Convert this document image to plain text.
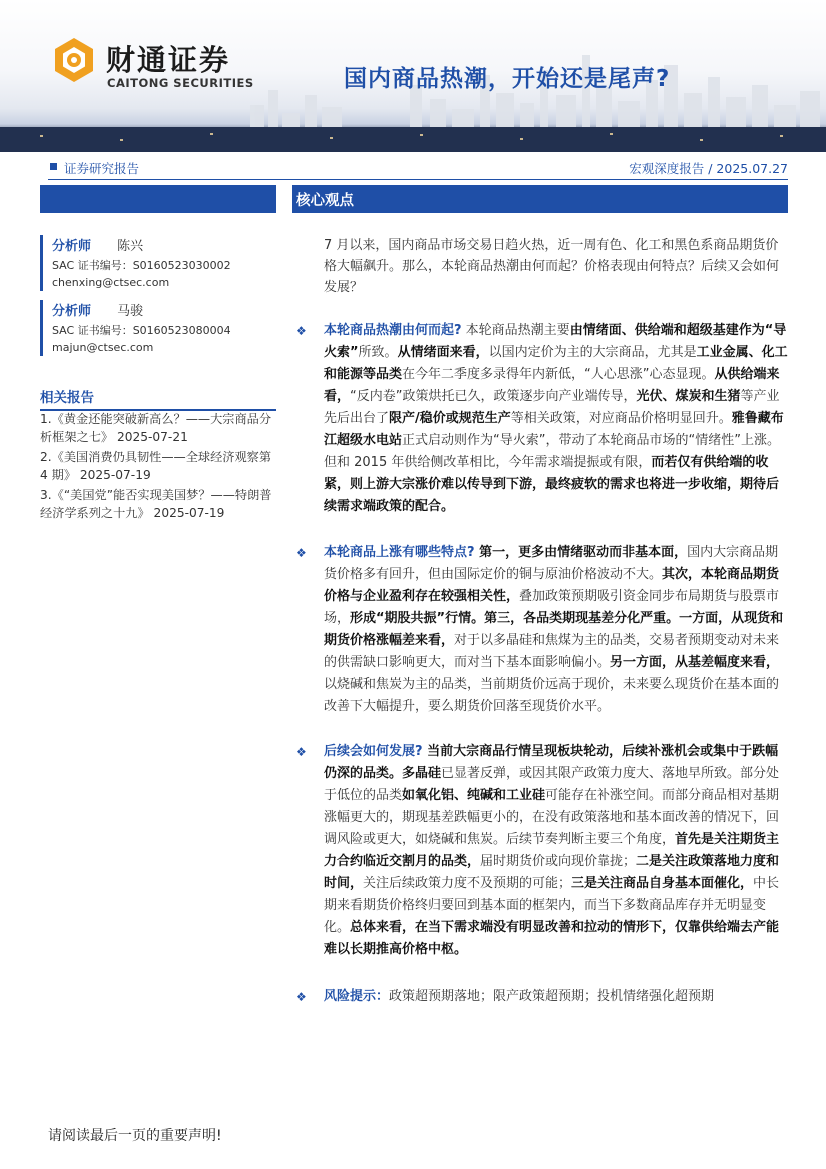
财通证券
CAITONG SECURITIES	国内商品热潮，开始还是尾声?
证券研究报告	宏观深度报告 / 2025.07.27
分析师 陈兴
SAC 证书编号：S0160523030002
chenxing@ctsec.com
分析师 马骏
SAC 证书编号：S0160523080004
majun@ctsec.com
相关报告
1.《黄金还能突破新高么？——大宗商品分析框架之七》 2025-07-21
2.《美国消费仍具韧性——全球经济观察第 4 期》 2025-07-19
3.《“美国党”能否实现美国梦？——特朗普经济学系列之十九》 2025-07-19
核心观点
7 月以来，国内商品市场交易日趋火热，近一周有色、化工和黑色系商品期货价格大幅飙升。那么，本轮商品热潮由何而起？价格表现由何特点？后续又会如何发展？
❖ 本轮商品热潮由何而起? 本轮商品热潮主要由情绪面、供给端和超级基建作为“导火索”所致。从情绪面来看，以国内定价为主的大宗商品，尤其是工业金属、化工和能源等品类在今年二季度多录得年内新低，“人心思涨”心态显现。从供给端来看，“反内卷”政策烘托已久，政策逐步向产业端传导，光伏、煤炭和生猪等产业先后出台了限产/稳价或规范生产等相关政策，对应商品价格明显回升。雅鲁藏布江超级水电站正式启动则作为“导火索”，带动了本轮商品市场的“情绪性”上涨。但和 2015 年供给侧改革相比，今年需求端提振或有限，而若仅有供给端的收紧，则上游大宗涨价难以传导到下游，最终疲软的需求也将进一步收缩，期待后续需求端政策的配合。
❖ 本轮商品上涨有哪些特点? 第一，更多由情绪驱动而非基本面，国内大宗商品期货价格多有回升，但由国际定价的铜与原油价格波动不大。其次，本轮商品期货价格与企业盈利存在较强相关性，叠加政策预期吸引资金同步布局期货与股票市场，形成“期股共振”行情。第三，各品类期现基差分化严重。一方面，从现货和期货价格涨幅差来看，对于以多晶硅和焦煤为主的品类，交易者预期变动对未来的供需缺口影响更大，而对当下基本面影响偏小。另一方面，从基差幅度来看，以烧碱和焦炭为主的品类，当前期货价远高于现价，未来要么现货价在基本面的改善下大幅提升，要么期货价回落至现货价水平。
❖ 后续会如何发展? 当前大宗商品行情呈现板块轮动，后续补涨机会或集中于跌幅仍深的品类。多晶硅已显著反弹，或因其限产政策力度大、落地早所致。部分处于低位的品类如氧化铝、纯碱和工业硅可能存在补涨空间。而部分商品相对基期涨幅更大的，期现基差跌幅更小的，在没有政策落地和基本面改善的情况下，回调风险或更大，如烧碱和焦炭。后续节奏判断主要三个角度，首先是关注期货主力合约临近交割月的品类，届时期货价或向现价靠拢；二是关注政策落地力度和时间，关注后续政策力度不及预期的可能；三是关注商品自身基本面催化，中长期来看期货价格终归要回到基本面的框架内，而当下多数商品库存并无明显变化。总体来看，在当下需求端没有明显改善和拉动的情形下，仅靠供给端去产能难以长期推高价格中枢。
❖ 风险提示：政策超预期落地；限产政策超预期；投机情绪强化超预期
请阅读最后一页的重要声明!
